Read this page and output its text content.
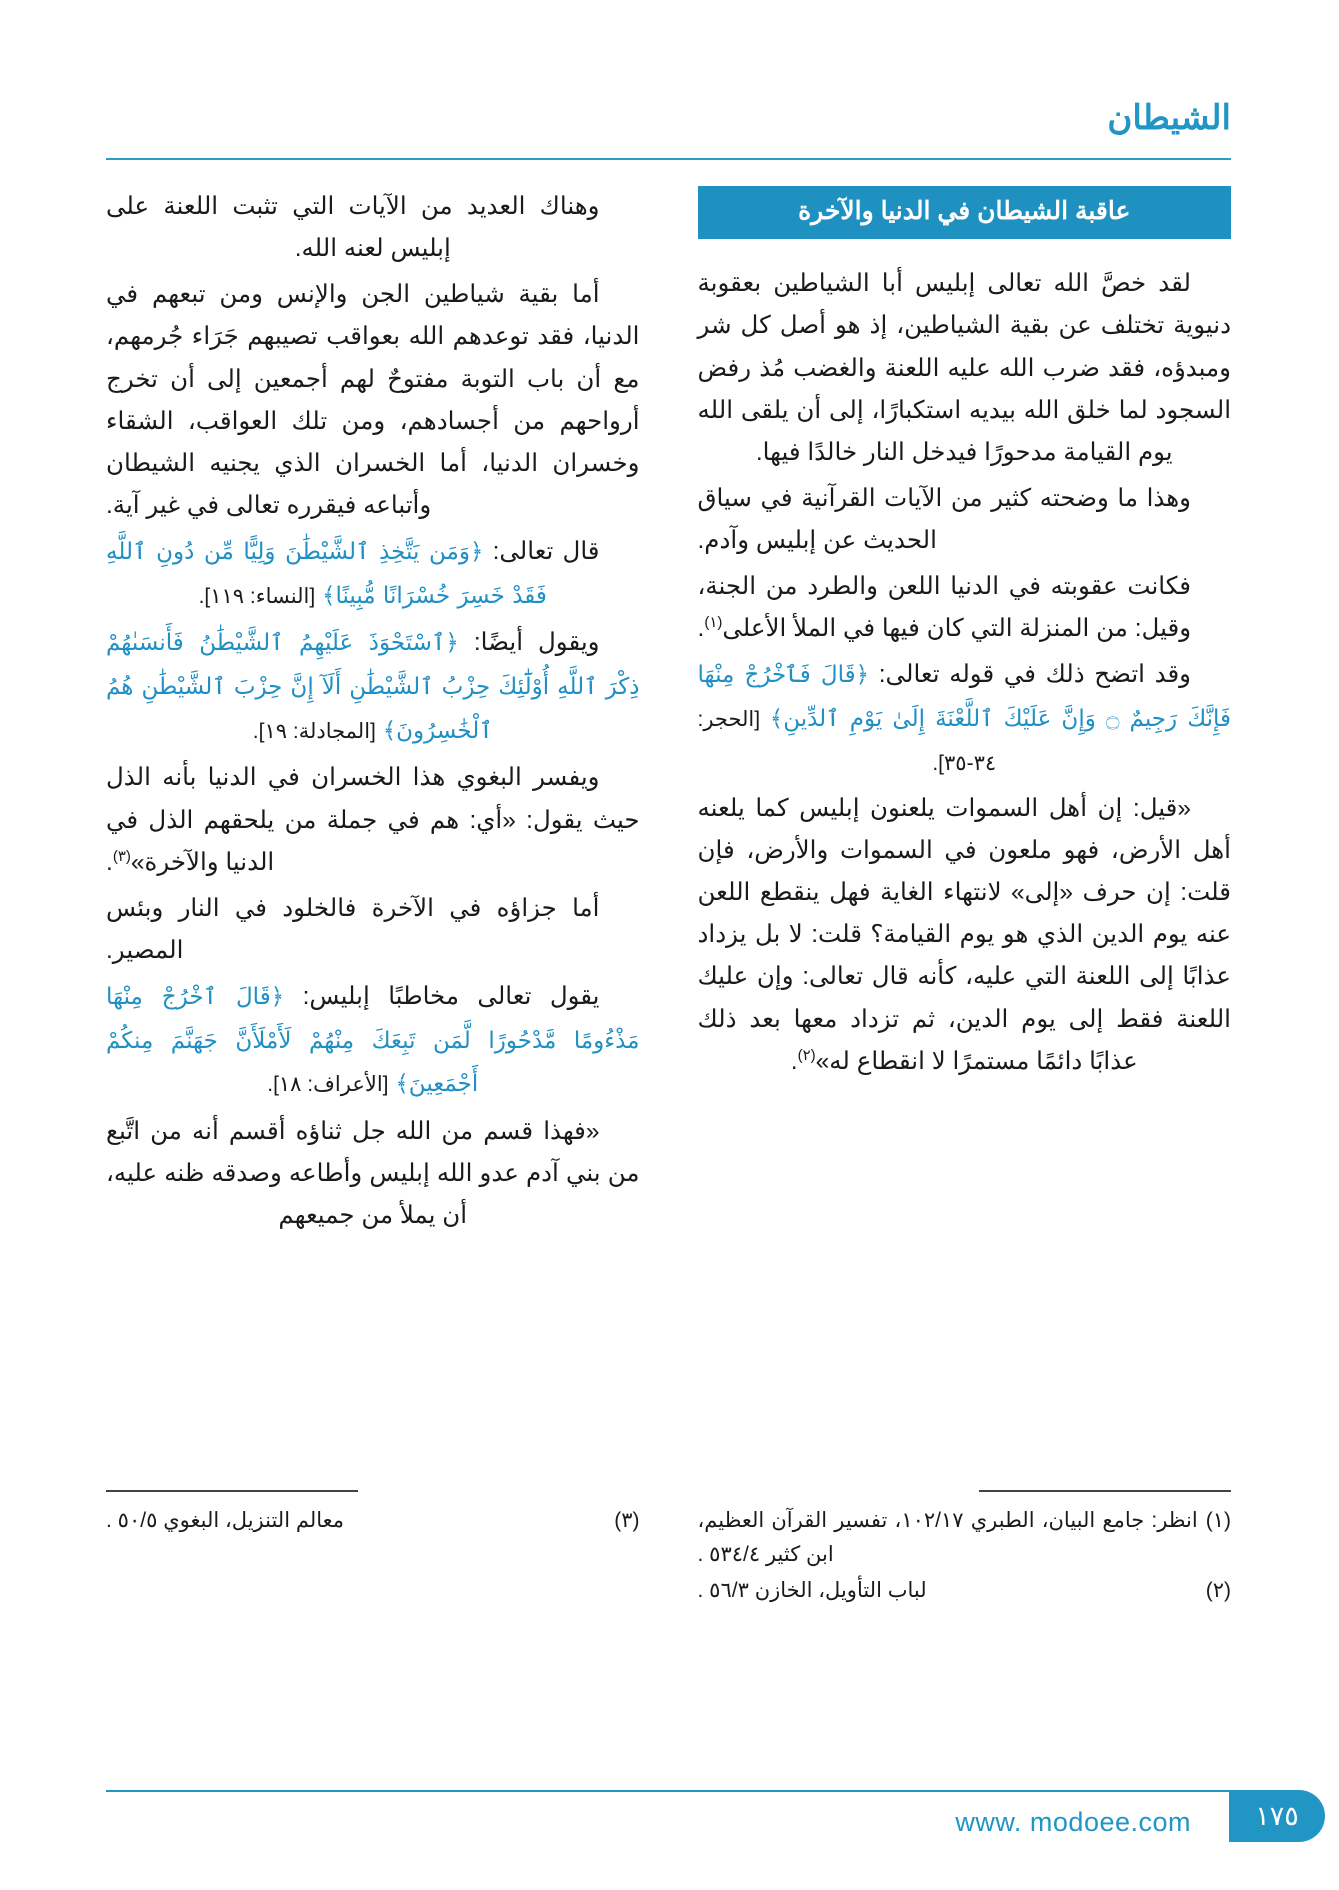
الشيطان
عاقبة الشيطان في الدنيا والآخرة

لقد خصَّ الله تعالى إبليس أبا الشياطين بعقوبة دنيوية تختلف عن بقية الشياطين، إذ هو أصل كل شر ومبدؤه، فقد ضرب الله عليه اللعنة والغضب مُذ رفض السجود لما خلق الله بيديه استكبارًا، إلى أن يلقى الله يوم القيامة مدحورًا فيدخل النار خالدًا فيها.

وهذا ما وضحته كثير من الآيات القرآنية في سياق الحديث عن إبليس وآدم.

فكانت عقوبته في الدنيا اللعن والطرد من الجنة، وقيل: من المنزلة التي كان فيها في الملأ الأعلى$^{(١)}$.

وقد اتضح ذلك في قوله تعالى: ﴿قَالَ فَٱخْرُجْ مِنْهَا فَإِنَّكَ رَجِيمٌ ۝ وَإِنَّ عَلَيْكَ ٱللَّعْنَةَ إِلَىٰ يَوْمِ ٱلدِّينِ﴾ [الحجر: ٣٤-٣٥].

«قيل: إن أهل السموات يلعنون إبليس كما يلعنه أهل الأرض، فهو ملعون في السموات والأرض، فإن قلت: إن حرف «إلى» لانتهاء الغاية فهل ينقطع اللعن عنه يوم الدين الذي هو يوم القيامة؟ قلت: لا بل يزداد عذابًا إلى اللعنة التي عليه، كأنه قال تعالى: وإن عليك اللعنة فقط إلى يوم الدين، ثم تزداد معها بعد ذلك عذابًا دائمًا مستمرًا لا انقطاع له»$^{(٢)}$.

وهناك العديد من الآيات التي تثبت اللعنة على إبليس لعنه الله.

أما بقية شياطين الجن والإنس ومن تبعهم في الدنيا، فقد توعدهم الله بعواقب تصيبهم جَرَاء جُرمهم، مع أن باب التوبة مفتوحٌ لهم أجمعين إلى أن تخرج أرواحهم من أجسادهم، ومن تلك العواقب، الشقاء وخسران الدنيا، أما الخسران الذي يجنيه الشيطان وأتباعه فيقرره تعالى في غير آية.

قال تعالى: ﴿وَمَن يَتَّخِذِ ٱلشَّيْطَٰنَ وَلِيًّا مِّن دُونِ ٱللَّهِ فَقَدْ خَسِرَ خُسْرَانًا مُّبِينًا﴾ [النساء: ١١٩].

ويقول أيضًا: ﴿ٱسْتَحْوَذَ عَلَيْهِمُ ٱلشَّيْطَٰنُ فَأَنسَىٰهُمْ ذِكْرَ ٱللَّهِ أُوْلَٰٓئِكَ حِزْبُ ٱلشَّيْطَٰنِ أَلَآ إِنَّ حِزْبَ ٱلشَّيْطَٰنِ هُمُ ٱلْخَٰسِرُونَ﴾ [المجادلة: ١٩].

ويفسر البغوي هذا الخسران في الدنيا بأنه الذل حيث يقول: «أي: هم في جملة من يلحقهم الذل في الدنيا والآخرة»$^{(٣)}$.

أما جزاؤه في الآخرة فالخلود في النار وبئس المصير.

يقول تعالى مخاطبًا إبليس: ﴿قَالَ ٱخْرُجْ مِنْهَا مَذْءُومًا مَّدْحُورًا لَّمَن تَبِعَكَ مِنْهُمْ لَأَمْلَأَنَّ جَهَنَّمَ مِنكُمْ أَجْمَعِينَ﴾ [الأعراف: ١٨].

«فهذا قسم من الله جل ثناؤه أقسم أنه من اتَّبع من بني آدم عدو الله إبليس وأطاعه وصدقه ظنه عليه، أن يملأ من جميعهم

(١)
انظر: جامع البيان، الطبري ١٠٢/١٧، تفسير القرآن العظيم، ابن كثير ٥٣٤/٤ .
(٢)
لباب التأويل، الخازن ٥٦/٣ .
(٣)
معالم التنزيل، البغوي ٥٠/٥ .
١٧٥
www. modoee.com
